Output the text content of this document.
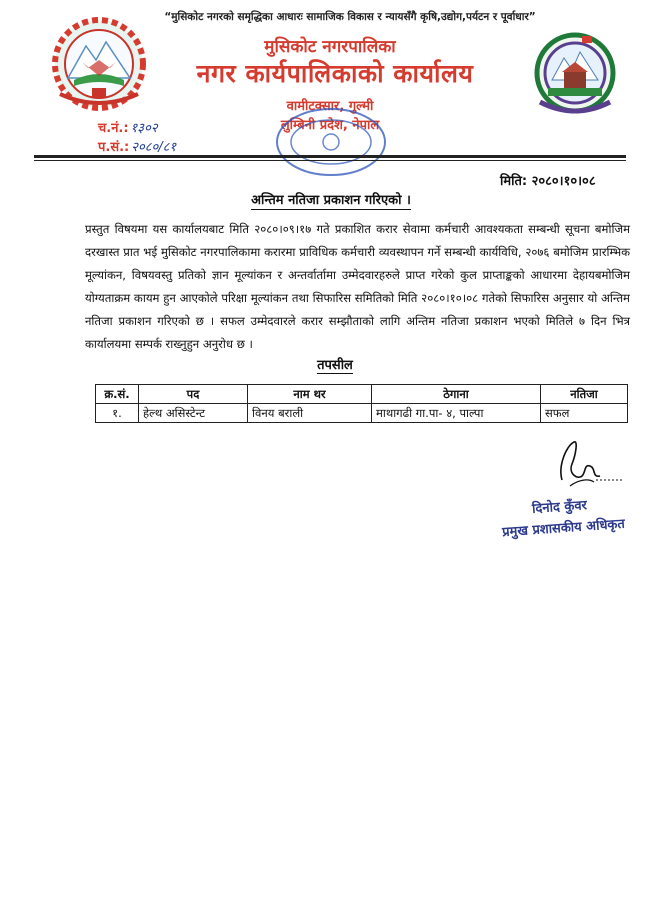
“मुसिकोट नगरको समृद्धिका आधारः सामाजिक विकास र न्यायसँगै कृषि,उद्योग,पर्यटन र पूर्वाधार”
मुसिकोट नगरपालिका
नगर कार्यपालिकाको कार्यालय
वामीटक्सार, गुल्मी
लुम्बिनी प्रदेश, नेपाल
च.नं.: १३०२
प.सं.: २०८०/८१
मिति: २०८०।१०।०८
अन्तिम नतिजा प्रकाशन गरिएको ।

प्रस्तुत विषयमा यस कार्यालयबाट मिति २०८०।०९।१७ गते प्रकाशित करार सेवामा कर्मचारी आवश्यकता सम्बन्धी सूचना बमोजिम दरखास्त प्रात भई मुसिकोट नगरपालिकामा करारमा प्राविधिक कर्मचारी व्यवस्थापन गर्ने सम्बन्धी कार्यविधि, २०७६ बमोजिम प्रारम्भिक मूल्यांकन, विषयवस्तु प्रतिको ज्ञान मूल्यांकन र अन्तर्वार्तामा उम्मेदवारहरुले प्राप्त गरेको कुल प्राप्ताङ्कको आधारमा देहायबमोजिम योग्यताक्रम कायम हुन आएकोले परिक्षा मूल्यांकन तथा सिफारिस समितिको मिति २०८०।१०।०८ गतेको सिफारिस अनुसार यो अन्तिम नतिजा प्रकाशन गरिएको छ । सफल उम्मेदवारले करार सम्झौताको लागि अन्तिम नतिजा प्रकाशन भएको मितिले ७ दिन भित्र कार्यालयमा सम्पर्क राख्नुहुन अनुरोध छ ।

तपसील
क्र.सं.	पद	नाम थर	ठेगाना	नतिजा
१.	हेल्थ असिस्टेन्ट	विनय बराली	माथागढी गा.पा- ४, पाल्पा	सफल
दिनोद कुँवर
प्रमुख प्रशासकीय अधिकृत
